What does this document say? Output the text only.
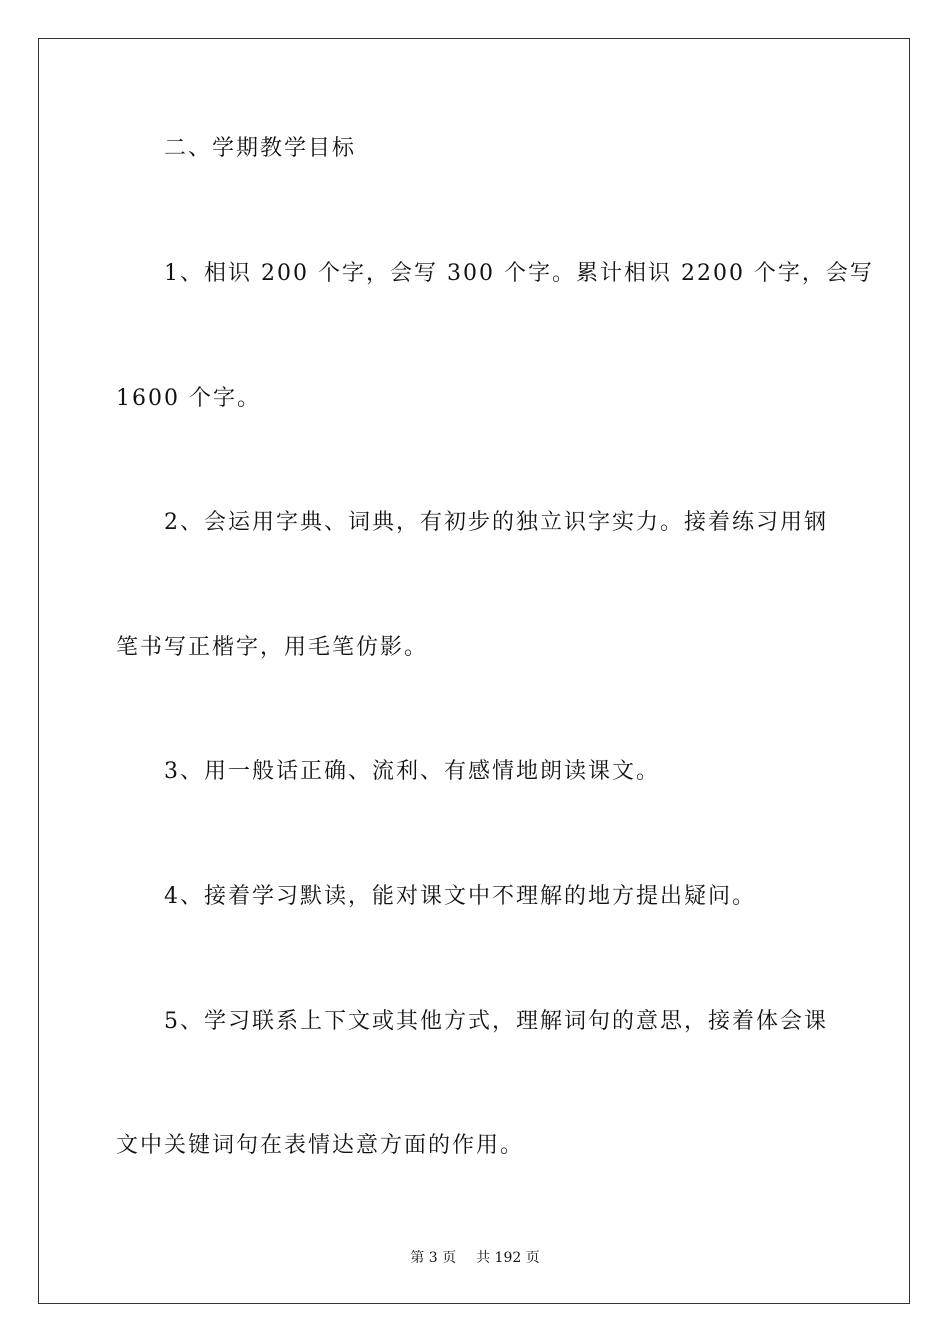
二、学期教学目标
1、相识 200 个字，会写 300 个字。累计相识 2200 个字，会写
1600 个字。
2、会运用字典、词典，有初步的独立识字实力。接着练习用钢
笔书写正楷字，用毛笔仿影。
3、用一般话正确、流利、有感情地朗读课文。
4、接着学习默读，能对课文中不理解的地方提出疑问。
5、学习联系上下文或其他方式，理解词句的意思，接着体会课
文中关键词句在表情达意方面的作用。
第 3 页 共 192 页
